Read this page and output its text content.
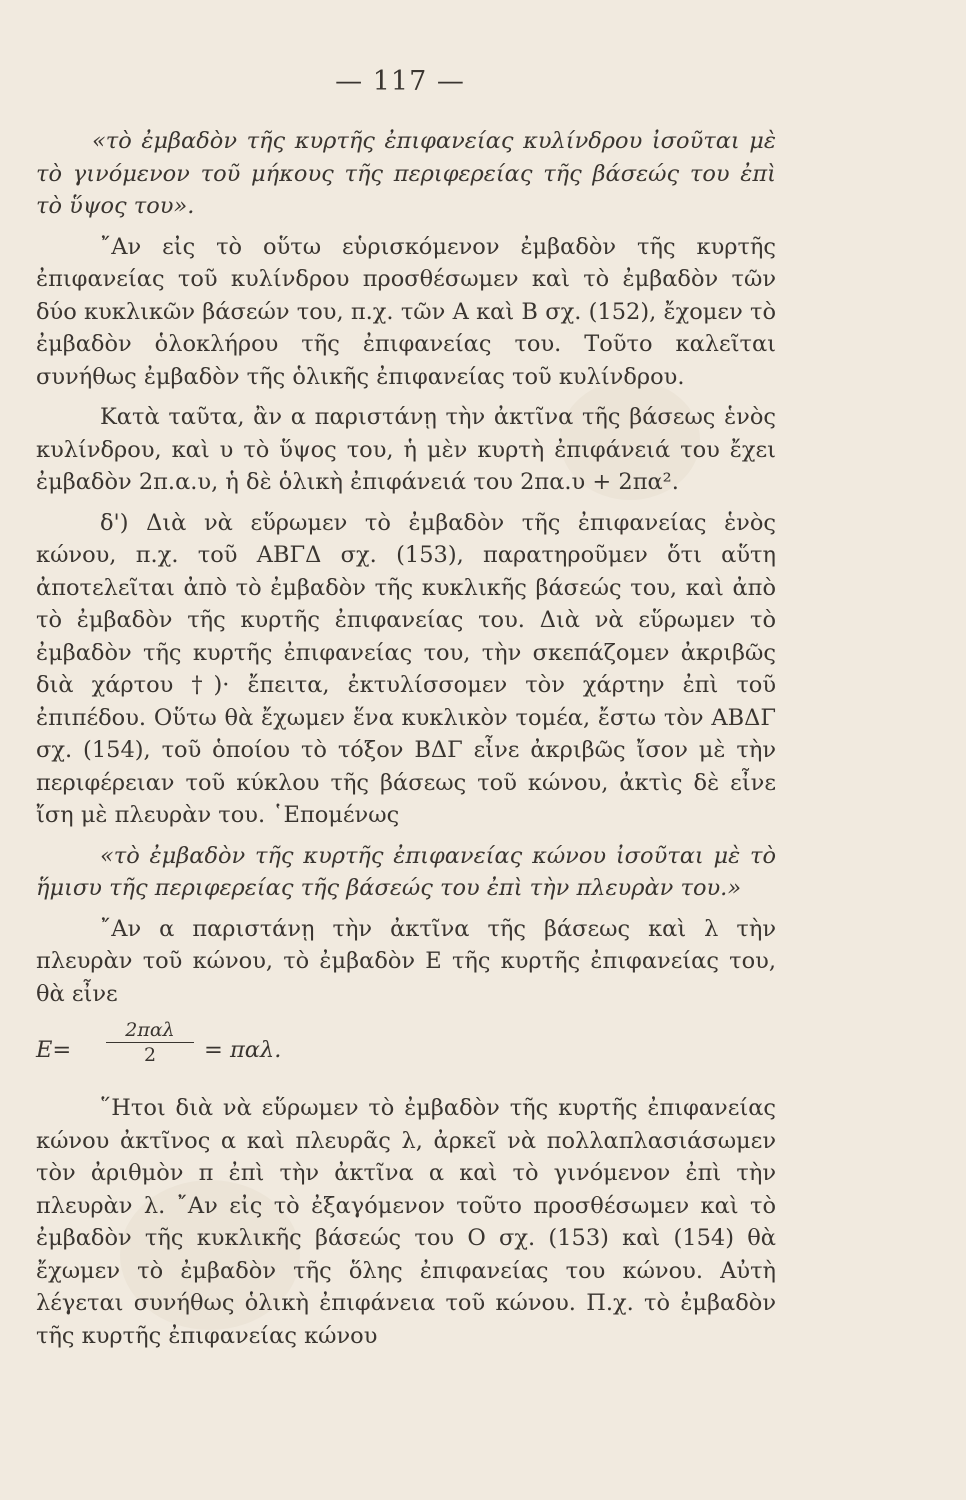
— 117 —

«τὸ ἐμβαδὸν τῆς κυρτῆς ἐπιφανείας κυλίνδρου ἰσοῦται μὲ τὸ γινόμενον τοῦ μήκους τῆς περιφερείας τῆς βάσεώς του ἐπὶ τὸ ὕψος του».

῎Αν εἰς τὸ οὕτω εὑρισκόμενον ἐμβαδὸν τῆς κυρτῆς ἐπιφανείας τοῦ κυλίνδρου προσθέσωμεν καὶ τὸ ἐμβαδὸν τῶν δύο κυκλικῶν βάσεών του, π.χ. τῶν Α καὶ Β σχ. (152), ἔχομεν τὸ ἐμβαδὸν ὁλοκλήρου τῆς ἐπιφανείας του. Τοῦτο καλεῖται συνήθως ἐμβαδὸν τῆς ὁλικῆς ἐπιφανείας τοῦ κυλίνδρου.

Κατὰ ταῦτα, ἂν α παριστάνῃ τὴν ἀκτῖνα τῆς βάσεως ἑνὸς κυλίνδρου, καὶ υ τὸ ὕψος του, ἡ μὲν κυρτὴ ἐπιφάνειά του ἔχει ἐμβαδὸν 2π.α.υ, ἡ δὲ ὁλικὴ ἐπιφάνειά του 2πα.υ + 2πα².

δ') Διὰ νὰ εὕρωμεν τὸ ἐμβαδὸν τῆς ἐπιφανείας ἑνὸς κώνου, π.χ. τοῦ ΑΒΓΔ σχ. (153), παρατηροῦμεν ὅτι αὕτη ἀποτελεῖται ἀπὸ τὸ ἐμβαδὸν τῆς κυκλικῆς βάσεώς του, καὶ ἀπὸ τὸ ἐμβαδὸν τῆς κυρτῆς ἐπιφανείας του. Διὰ νὰ εὕρωμεν τὸ ἐμβαδὸν τῆς κυρτῆς ἐπιφανείας του, τὴν σκεπάζομεν ἀκριβῶς διὰ χάρτου †)· ἔπειτα, ἐκτυλίσσομεν τὸν χάρτην ἐπὶ τοῦ ἐπιπέδου. Οὕτω θὰ ἔχωμεν ἕνα κυκλικὸν τομέα, ἔστω τὸν ΑΒΔΓ σχ. (154), τοῦ ὁποίου τὸ τόξον ΒΔΓ εἶνε ἀκριβῶς ἴσον μὲ τὴν περιφέρειαν τοῦ κύκλου τῆς βάσεως τοῦ κώνου, ἀκτὶς δὲ εἶνε ἴση μὲ πλευρὰν του. ῾Επομένως

«τὸ ἐμβαδὸν τῆς κυρτῆς ἐπιφανείας κώνου ἰσοῦται μὲ τὸ ἥμισυ τῆς περιφερείας τῆς βάσεώς του ἐπὶ τὴν πλευρὰν του.»

῎Αν α παριστάνῃ τὴν ἀκτῖνα τῆς βάσεως καὶ λ τὴν πλευρὰν τοῦ κώνου, τὸ ἐμβαδὸν Ε τῆς κυρτῆς ἐπιφανείας του, θὰ εἶνε

E=
2παλ
2	= παλ.

῞Ητοι διὰ νὰ εὕρωμεν τὸ ἐμβαδὸν τῆς κυρτῆς ἐπιφανείας κώνου ἀκτῖνος α καὶ πλευρᾶς λ, ἀρκεῖ νὰ πολλαπλασιάσωμεν τὸν ἀριθμὸν π ἐπὶ τὴν ἀκτῖνα α καὶ τὸ γινόμενον ἐπὶ τὴν πλευρὰν λ. ῎Αν εἰς τὸ ἐξαγόμενον τοῦτο προσθέσωμεν καὶ τὸ ἐμβαδὸν τῆς κυκλικῆς βάσεώς του Ο σχ. (153) καὶ (154) θὰ ἔχωμεν τὸ ἐμβαδὸν τῆς ὅλης ἐπιφανείας του κώνου. Αὐτὴ λέγεται συνήθως ὁλικὴ ἐπιφάνεια τοῦ κώνου. Π.χ. τὸ ἐμβαδὸν τῆς κυρτῆς ἐπιφανείας κώνου
